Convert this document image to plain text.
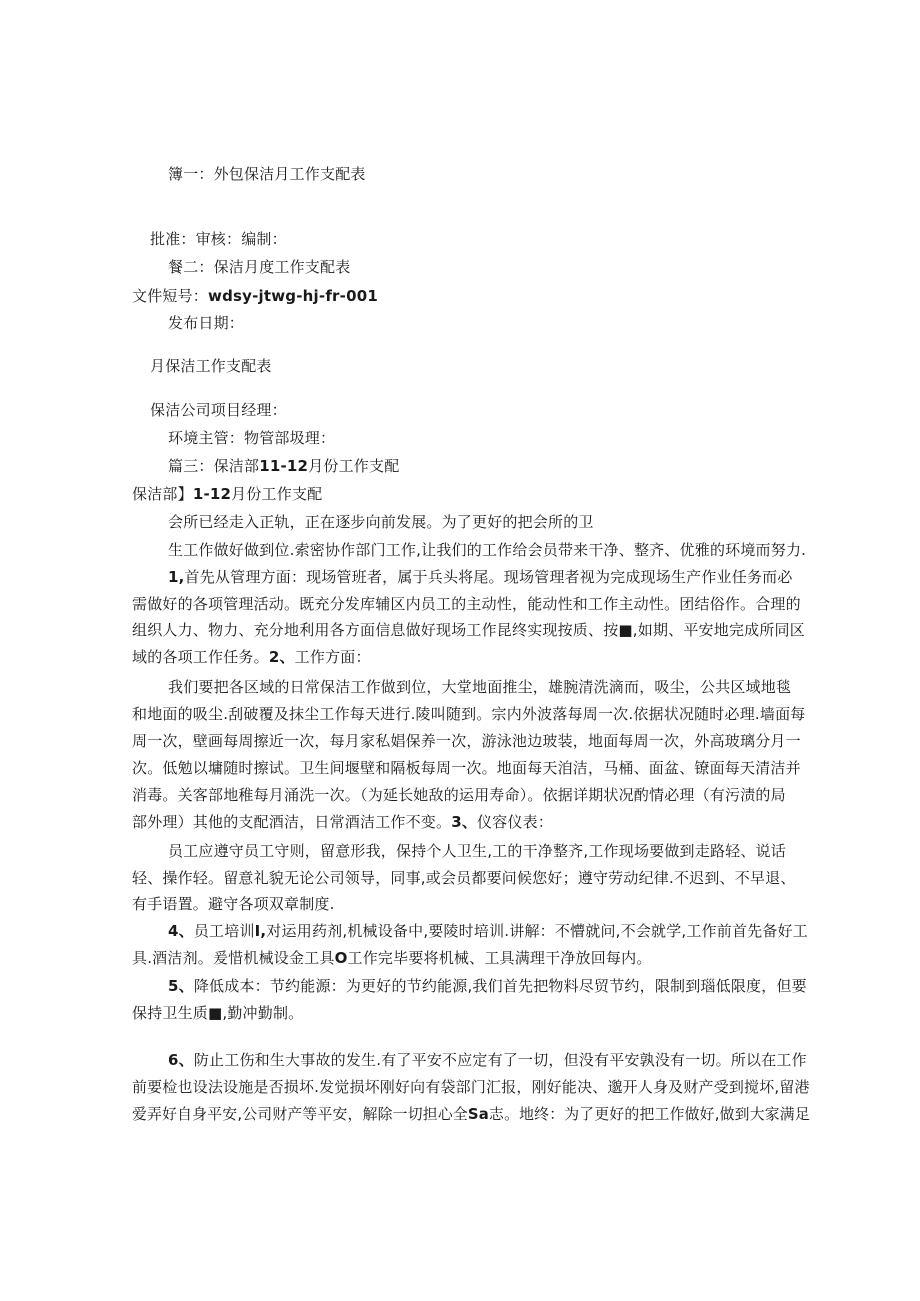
簿一：外包保洁月工作支配表
批准：审核：编制：
餐二：保洁月度工作支配表
文件短号：wdsy-jtwg-hj-fr-001
发布日期：
月保洁工作支配表
保洁公司项目经理：
环境主管：物管部圾理：
篇三：保洁部11-12月份工作支配
保洁部】1-12月份工作支配
会所已经走入正轨，正在逐步向前发展。为了更好的把会所的卫
生工作做好做到位.索密协作部门工作,让我们的工作给会员带来干净、整齐、优雅的环境而努力.
1,首先从管理方面：现场管班者，属于兵头将尾。现场管理者视为完成现场生产作业任务而必
需做好的各项管理活动。既充分发库辅区内员工的主动性，能动性和工作主动性。团结俗作。合理的
组织人力、物力、充分地利用各方面信息做好现场工作昆终实现按质、按■,如期、平安地完成所同区
域的各项工作任务。2、工作方面：
我们要把各区域的日常保洁工作做到位，大堂地面推尘，雄腕清洗滴而，吸尘，公共区域地毯
和地面的吸尘.刮破覆及抹尘工作每天进行.陵叫随到。宗内外波落每周一次.依据状况随时必理.墙面每
周一次，壁画每周擦近一次，每月家私娼保养一次，游泳池边玻装，地面每周一次，外高玻璃分月一
次。低勉以墉随时擦试。卫生间堰壁和隔板每周一次。地面每天洎洁，马桶、面盆、镣面每天清洁并
消毒。关客部地稚每月涌洗一次。（为延长她敌的运用寿命）。依据详期状况酌情必理（有污渍的局
部外理）其他的支配酒洁，日常酒洁工作不变。3、仪容仪表：
员工应遵守员工守则，留意形我，保持个人卫生,工的干净整齐,工作现场要做到走路轻、说话
轻、操作轻。留意礼貌无论公司领导，同事,或会员都要问候您好；遵守劳动纪律.不迟到、不早退、
有手语置。避守各项双章制度.
4、员工培训I,对运用药剂,机械设备中,要陵时培训.讲解：不懵就问,不会就学,工作前首先备好工
具.酒洁剂。爰惜机械设金工具O工作完毕要将机械、工具满理干净放回每内。
5、降低成本：节约能源：为更好的节约能源,我们首先把物料尽贸节约，限制到瑙低限度，但要
保持卫生质■,勤冲勤制。
6、防止工伤和生大事故的发生.有了平安不应定有了一切，但没有平安孰没有一切。所以在工作
前要检也设法设施是否损坏.发觉损坏刚好向有袋部门汇报，刚好能决、邈开人身及财产受到搅坏,留港
爱弄好自身平安,公司财产等平安，解除一切担心全Sa志。地终：为了更好的把工作做好,做到大家满足
